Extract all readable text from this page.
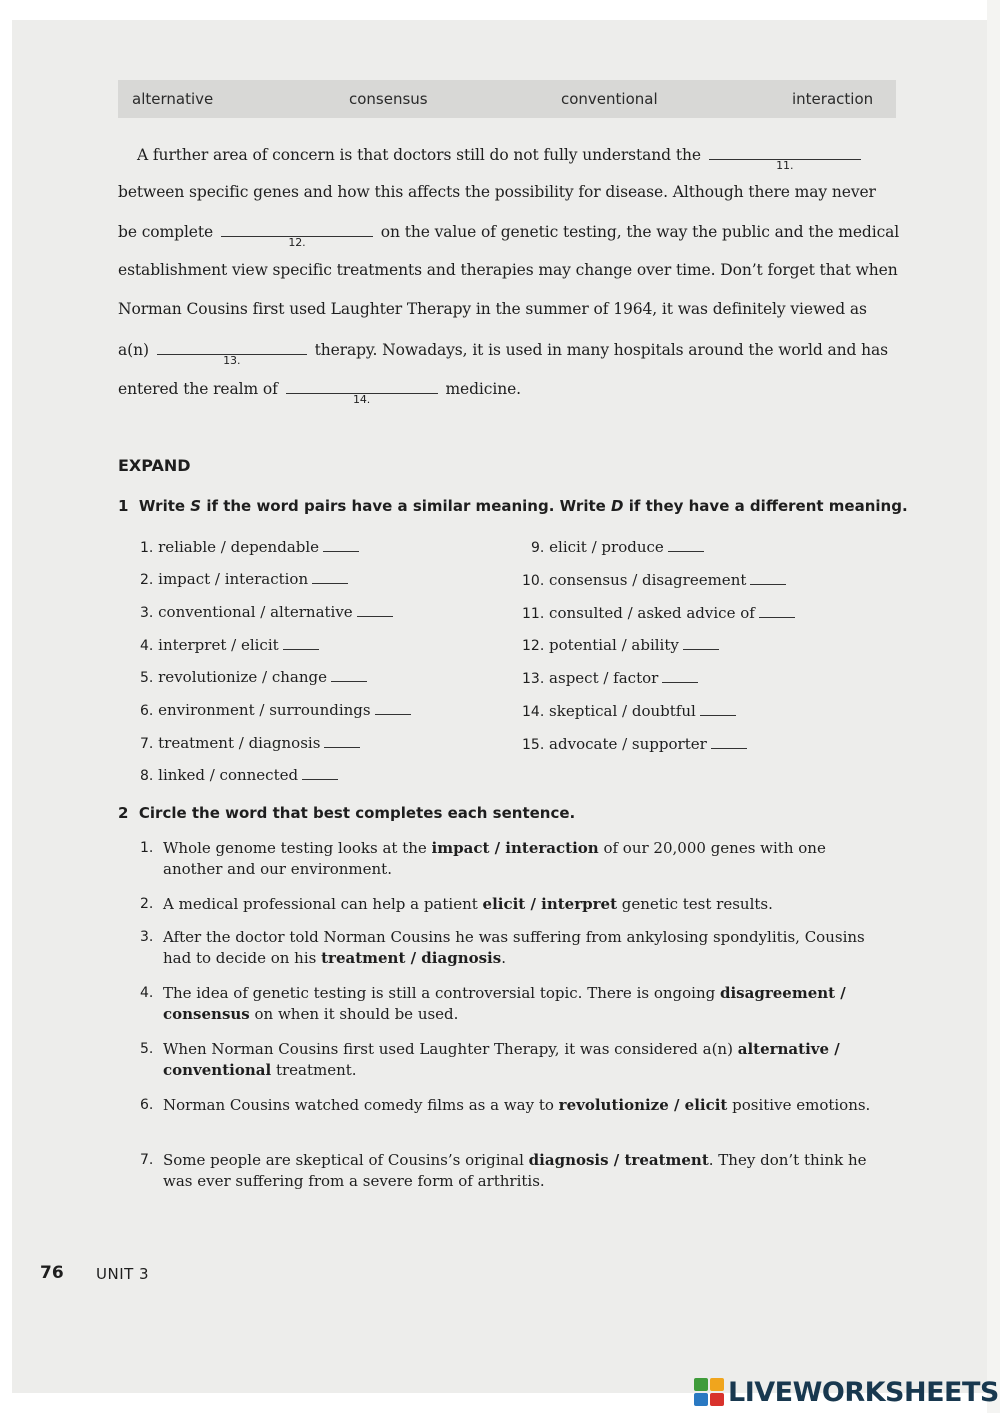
alternative	consensus	conventional	interaction
A further area of concern is that doctors still do not fully understand the
11.
between specific genes and how this affects the possibility for disease. Although there may never
be complete
12.
on the value of genetic testing, the way the public and the medical
establishment view specific treatments and therapies may change over time. Don’t forget that when
Norman Cousins first used Laughter Therapy in the summer of 1964, it was definitely viewed as
a(n)
13.
therapy. Nowadays, it is used in many hospitals around the world and has
entered the realm of
14.
medicine.
EXPAND
1 Write S if the word pairs have a similar meaning. Write D if they have a different meaning.
1. reliable / dependable
2. impact / interaction
3. conventional / alternative
4. interpret / elicit
5. revolutionize / change
6. environment / surroundings
7. treatment / diagnosis
8. linked / connected
9. elicit / produce
10. consensus / disagreement
11. consulted / asked advice of
12. potential / ability
13. aspect / factor
14. skeptical / doubtful
15. advocate / supporter
2 Circle the word that best completes each sentence.
1. Whole genome testing looks at the impact / interaction of our 20,000 genes with one another and our environment.
2. A medical professional can help a patient elicit / interpret genetic test results.
3. After the doctor told Norman Cousins he was suffering from ankylosing spondylitis, Cousins had to decide on his treatment / diagnosis.
4. The idea of genetic testing is still a controversial topic. There is ongoing disagreement / consensus on when it should be used.
5. When Norman Cousins first used Laughter Therapy, it was considered a(n) alternative / conventional treatment.
6. Norman Cousins watched comedy films as a way to revolutionize / elicit positive emotions.
7. Some people are skeptical of Cousins’s original diagnosis / treatment. They don’t think he was ever suffering from a severe form of arthritis.
76 UNIT 3
LIVEWORKSHEETS
